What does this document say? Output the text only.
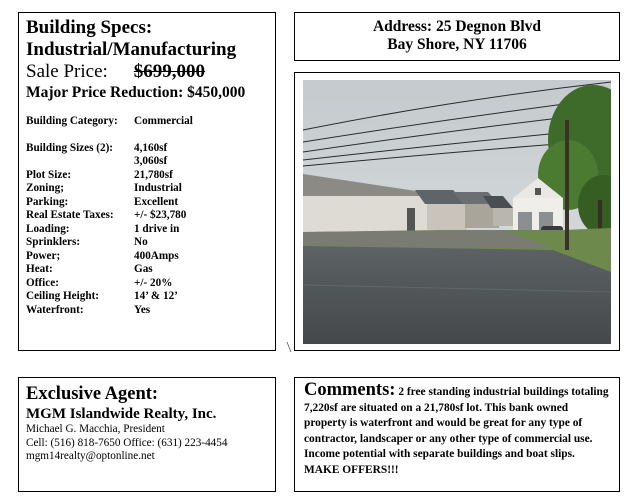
Building Specs:
Industrial/Manufacturing
Sale Price: $699,000
Major Price Reduction: $450,000
Building Category:	Commercial
Building Sizes (2):	4,160sf
3,060sf
Plot Size:	21,780sf
Zoning;	Industrial
Parking:	Excellent
Real Estate Taxes:	+/- $23,780
Loading:	1 drive in
Sprinklers:	No
Power;	400Amps
Heat:	Gas
Office:	+/- 20%
Ceiling Height:	14’ & 12’
Waterfront:	Yes
Address: 25 Degnon Blvd
Bay Shore, NY 11706
Exclusive Agent:
MGM Islandwide Realty, Inc.
Michael G. Macchia, President
Cell: (516) 818-7650 Office: (631) 223-4454
mgm14realty@optonline.net
Comments: 2 free standing industrial buildings totaling 7,220sf are situated on a 21,780sf lot. This bank owned property is waterfront and would be great for any type of contractor, landscaper or any other type of commercial use. Income potential with separate buildings and boat slips. MAKE OFFERS!!!
